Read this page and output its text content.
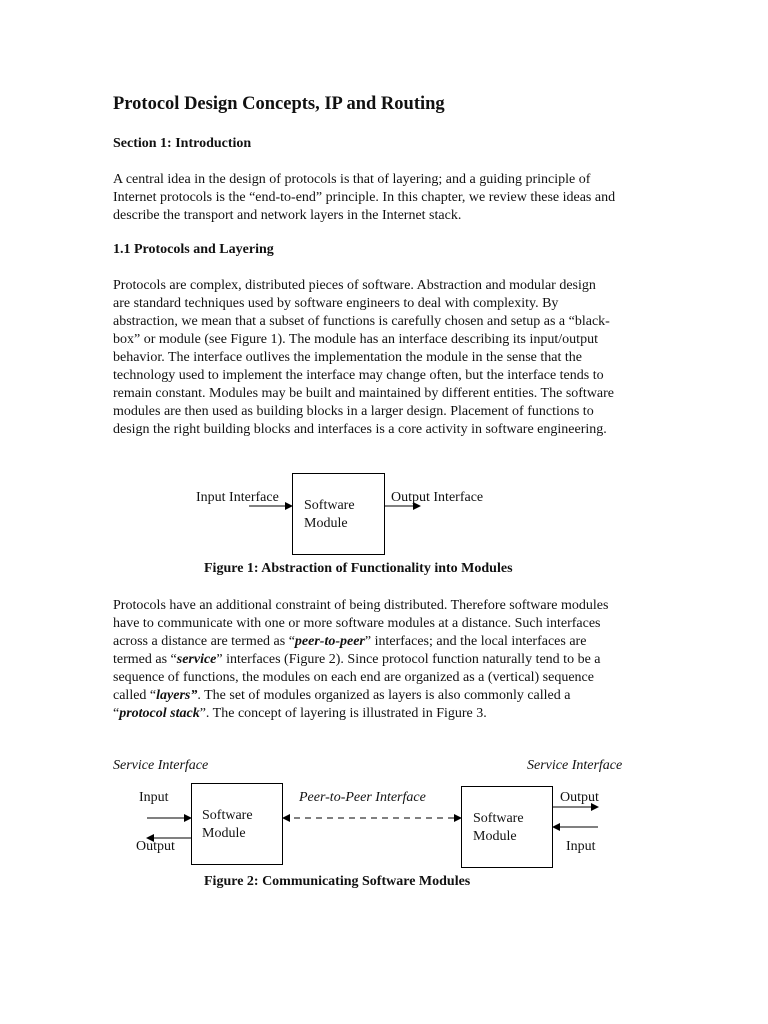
Protocol Design Concepts, IP and Routing
Section 1: Introduction

A central idea in the design of protocols is that of layering; and a guiding principle of
Internet protocols is the “end-to-end” principle. In this chapter, we review these ideas and
describe the transport and network layers in the Internet stack.

1.1 Protocols and Layering

Protocols are complex, distributed pieces of software. Abstraction and modular design
are standard techniques used by software engineers to deal with complexity. By
abstraction, we mean that a subset of functions is carefully chosen and setup as a “black-
box” or module (see Figure 1). The module has an interface describing its input/output
behavior. The interface outlives the implementation the module in the sense that the
technology used to implement the interface may change often, but the interface tends to
remain constant. Modules may be built and maintained by different entities. The software
modules are then used as building blocks in a larger design. Placement of functions to
design the right building blocks and interfaces is a core activity in software engineering.

Input Interface	Output Interface
Software
Module

Figure 1: Abstraction of Functionality into Modules

Protocols have an additional constraint of being distributed. Therefore software modules
have to communicate with one or more software modules at a distance. Such interfaces
across a distance are termed as “peer-to-peer” interfaces; and the local interfaces are
termed as “service” interfaces (Figure 2). Since protocol function naturally tend to be a
sequence of functions, the modules on each end are organized as a (vertical) sequence
called “layers”. The set of modules organized as layers is also commonly called a
“protocol stack”. The concept of layering is illustrated in Figure 3.

Service Interface	Service Interface
Peer-to-Peer Interface
Input
Output
Output
Input
Software
Module
Software
Module

Figure 2: Communicating Software Modules
